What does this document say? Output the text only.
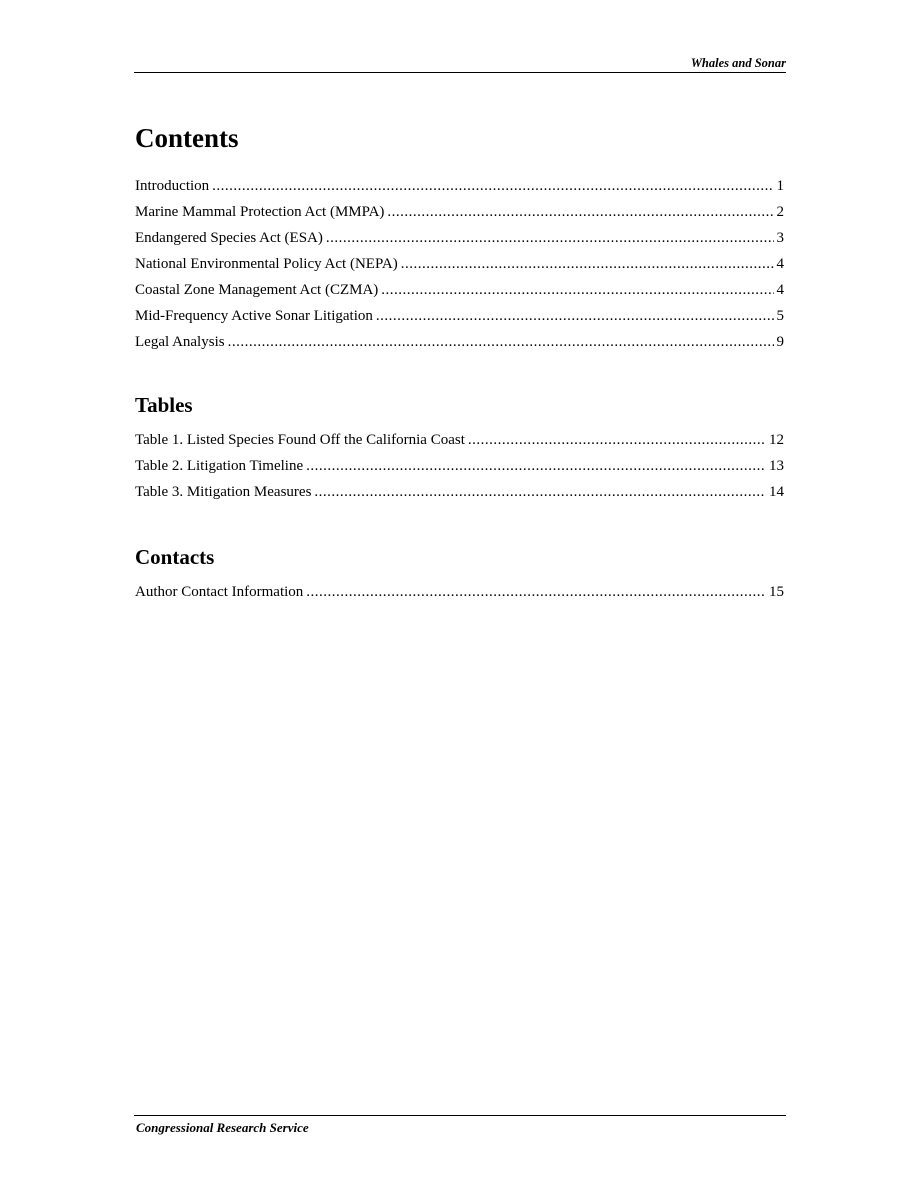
Whales and Sonar
Contents
Introduction .....	1
Marine Mammal Protection Act (MMPA) .....	2
Endangered Species Act (ESA) .....	3
National Environmental Policy Act (NEPA) .....	4
Coastal Zone Management Act (CZMA) .....	4
Mid-Frequency Active Sonar Litigation .....	5
Legal Analysis .....	9
Tables
Table 1. Listed Species Found Off the California Coast .....	12
Table 2. Litigation Timeline .....	13
Table 3. Mitigation Measures .....	14
Contacts
Author Contact Information .....	15
Congressional Research Service
